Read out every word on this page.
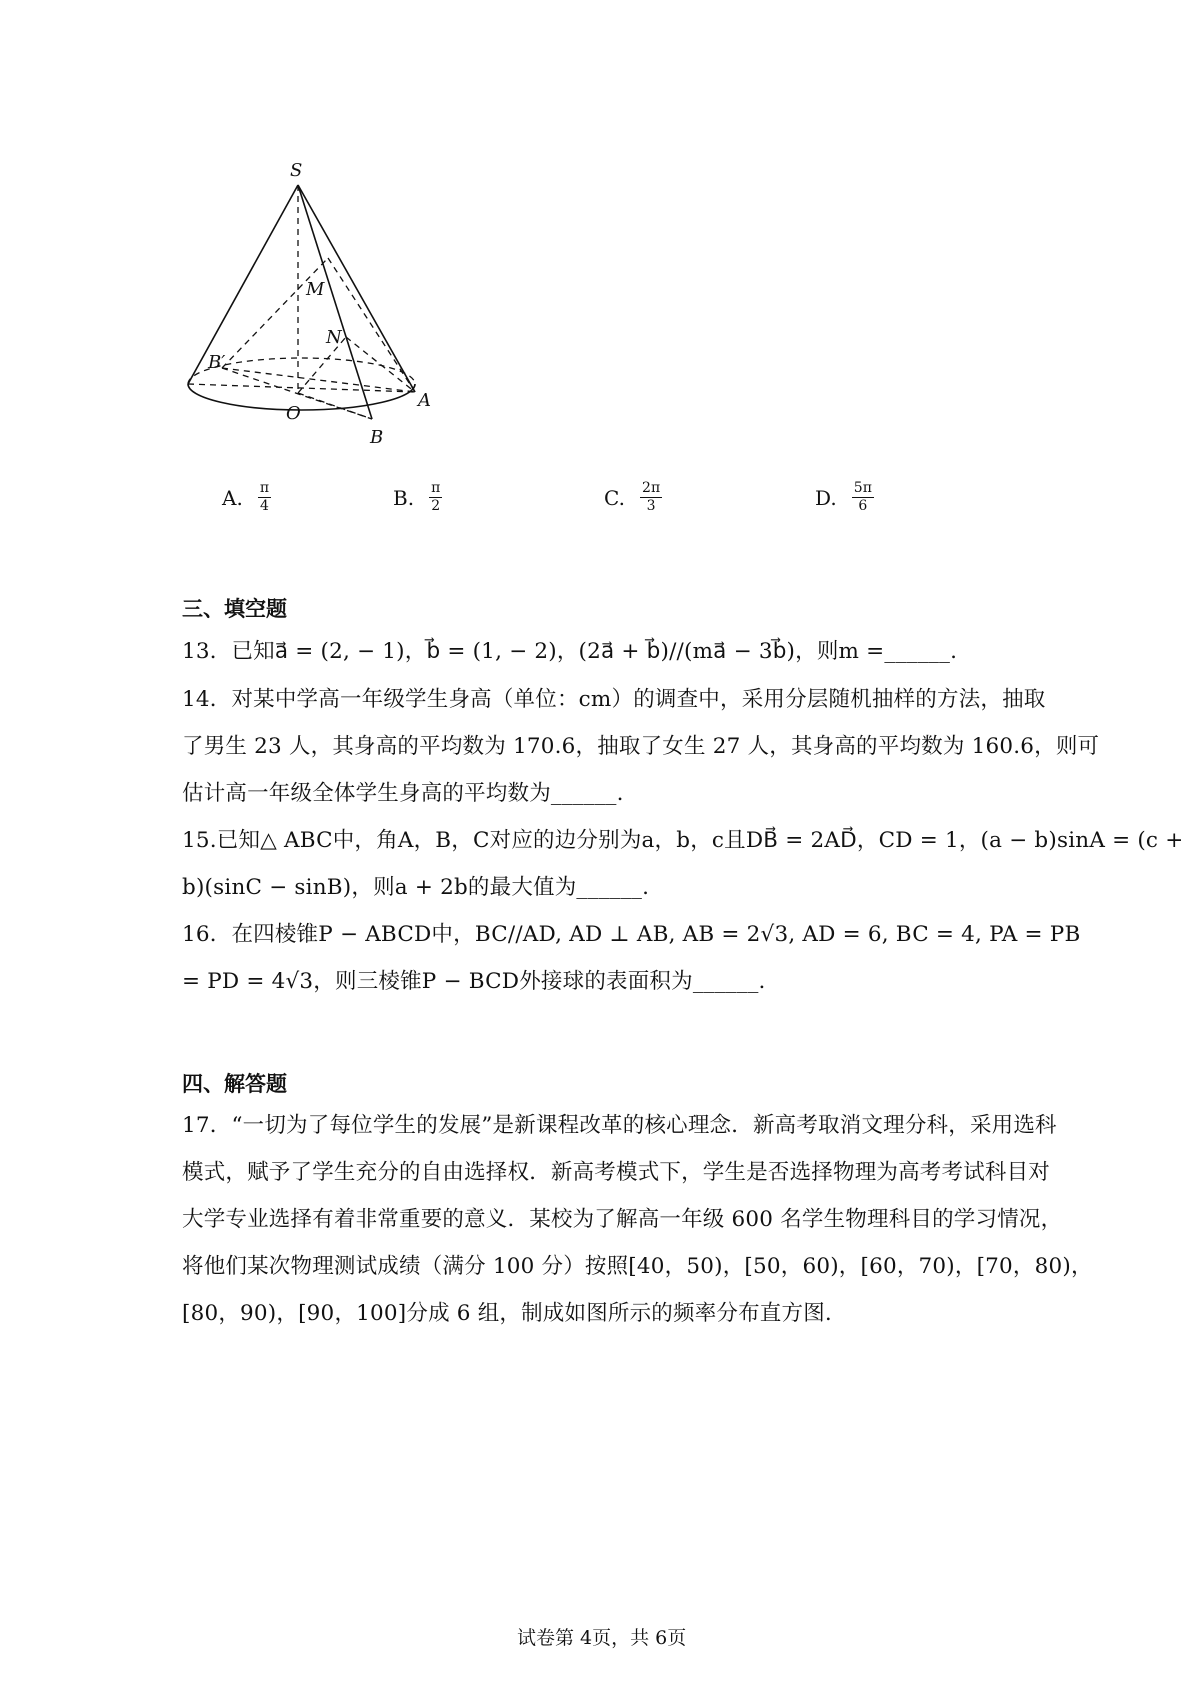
S
M
N
B′
O
A
B
A. $\frac{\pi}{4}$	B. $\frac{\pi}{2}$	C. $\frac{2\pi}{3}$	D. $\frac{5\pi}{6}$
三、填空题
13．已知a⃗ = (2, − 1)，b⃗ = (1, − 2)，(2a⃗ + b⃗)//(ma⃗ − 3b⃗)，则m =______.
14．对某中学高一年级学生身高（单位：cm）的调查中，采用分层随机抽样的方法，抽取
了男生 23 人，其身高的平均数为 170.6，抽取了女生 27 人，其身高的平均数为 160.6，则可
估计高一年级全体学生身高的平均数为______.
15.已知△ ABC中，角A，B，C对应的边分别为a，b，c且DB⃗ = 2AD⃗，CD = 1，(a − b)sinA = (c +
b)(sinC − sinB)，则a + 2b的最大值为______.
16．在四棱锥P − ABCD中，BC//AD, AD ⊥ AB, AB = 2√3, AD = 6, BC = 4, PA = PB
= PD = 4√3，则三棱锥P − BCD外接球的表面积为______.
四、解答题
17．“一切为了每位学生的发展”是新课程改革的核心理念．新高考取消文理分科，采用选科
模式，赋予了学生充分的自由选择权．新高考模式下，学生是否选择物理为高考考试科目对
大学专业选择有着非常重要的意义．某校为了解高一年级 600 名学生物理科目的学习情况，
将他们某次物理测试成绩（满分 100 分）按照[40，50)，[50，60)，[60，70)，[70，80)，
[80，90)，[90，100]分成 6 组，制成如图所示的频率分布直方图.
试卷第 4页，共 6页
